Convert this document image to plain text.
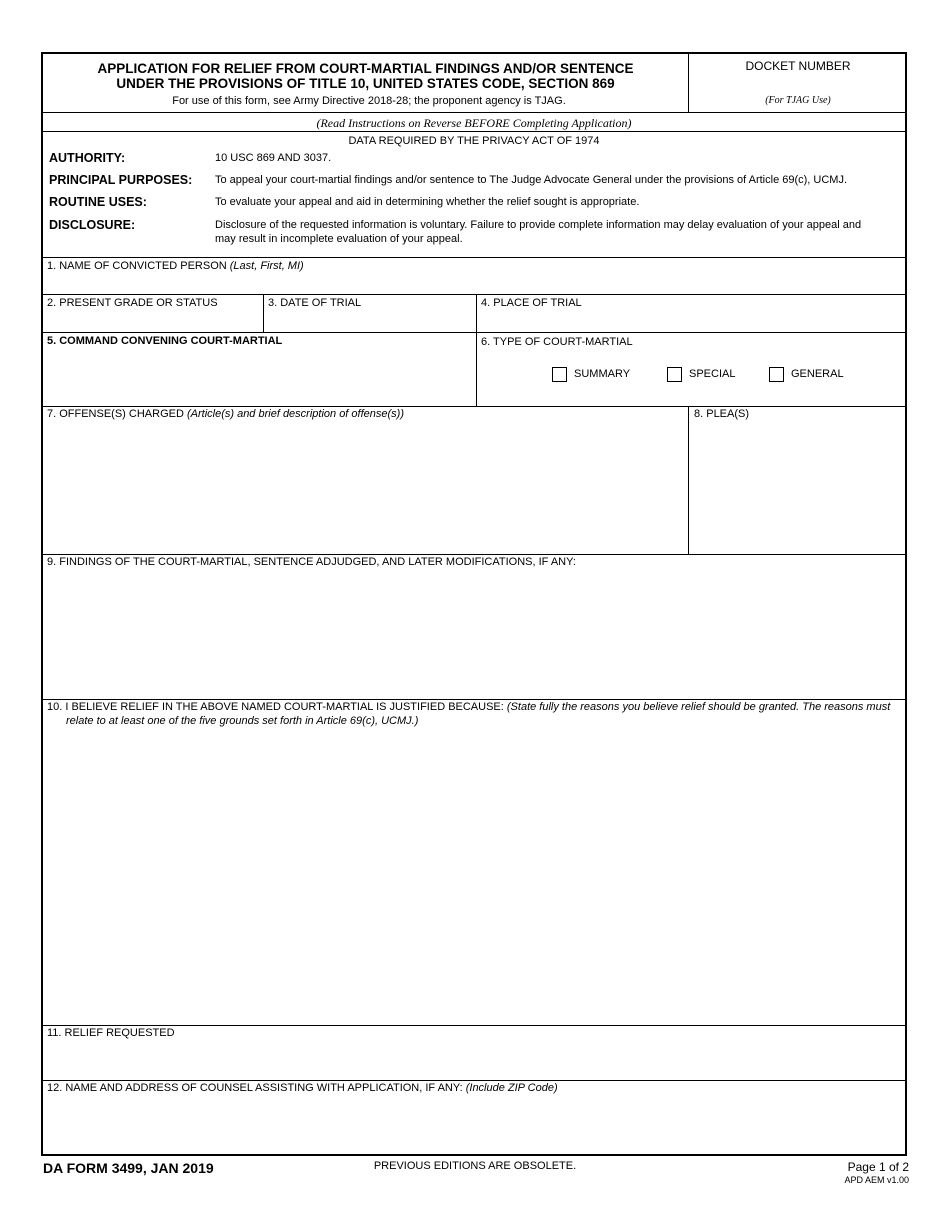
APPLICATION FOR RELIEF FROM COURT-MARTIAL FINDINGS AND/OR SENTENCE
UNDER THE PROVISIONS OF TITLE 10, UNITED STATES CODE, SECTION 869
For use of this form, see Army Directive 2018-28; the proponent agency is TJAG.
DOCKET NUMBER
(For TJAG Use)
(Read Instructions on Reverse BEFORE Completing Application)
DATA REQUIRED BY THE PRIVACY ACT OF 1974
AUTHORITY:	10 USC 869 AND 3037.
PRINCIPAL PURPOSES: To appeal your court-martial findings and/or sentence to The Judge Advocate General under the provisions of Article 69(c), UCMJ.
ROUTINE USES:	To evaluate your appeal and aid in determining whether the relief sought is appropriate.
DISCLOSURE:	Disclosure of the requested information is voluntary. Failure to provide complete information may delay evaluation of your appeal and
may result in incomplete evaluation of your appeal.
1. NAME OF CONVICTED PERSON (Last, First, MI)
2. PRESENT GRADE OR STATUS	3. DATE OF TRIAL	4. PLACE OF TRIAL
5. COMMAND CONVENING COURT-MARTIAL	6. TYPE OF COURT-MARTIAL
SUMMARY	SPECIAL	GENERAL
7. OFFENSE(S) CHARGED (Article(s) and brief description of offense(s))	8. PLEA(S)
9. FINDINGS OF THE COURT-MARTIAL, SENTENCE ADJUDGED, AND LATER MODIFICATIONS, IF ANY:
10. I BELIEVE RELIEF IN THE ABOVE NAMED COURT-MARTIAL IS JUSTIFIED BECAUSE: (State fully the reasons you believe relief should be granted. The reasons must
relate to at least one of the five grounds set forth in Article 69(c), UCMJ.)
11. RELIEF REQUESTED
12. NAME AND ADDRESS OF COUNSEL ASSISTING WITH APPLICATION, IF ANY: (Include ZIP Code)
DA FORM 3499, JAN 2019	PREVIOUS EDITIONS ARE OBSOLETE.	Page 1 of 2
APD AEM v1.00
